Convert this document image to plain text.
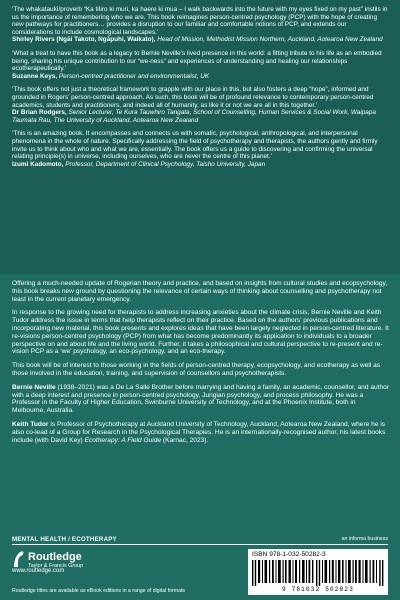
‘The whakataukī/proverb “Ka titiro ki muri, ka haere ki mua – I walk backwards into the future with my eyes fixed on my past” instils in us the importance of remembering who we are. This book reimagines person-centred psychology (PCP) with the hope of creating new pathways for practitioners… provides a disruption to our familiar and comfortable notions of PCP, and extends our considerations to include cosmological landscapes.’
Shirley Rivers (Ngāi Takoto, Ngāpuhi, Waikato), Head of Mission, Methodist Mission Northern, Auckland, Aotearoa New Zealand
‘What a treat to have this book as a legacy to Bernie Neville’s lived presence in this world: a fitting tribute to his life as an embodied being, sharing his unique contribution to our “we-ness” and experiences of understanding and healing our relationships ecotherapeutically.’
Suzanne Keys, Person-centred practitioner and environmentalist, UK
‘This book offers not just a theoretical framework to grapple with our place in this, but also fosters a deep “hope”, informed and grounded in Rogers’ person-centred approach. As such, this book will be of profound relevance to contemporary person-centred academics, students and practitioners, and indeed all of humanity, as like it or not we are all in this together.’
Dr Brian Rodgers, Senior Lecturer, Te Kura Tauwhiro Tangata, School of Counselling, Human Services & Social Work, Waipapa Taumata Rau, The University of Auckland, Aotearoa New Zealand
‘This is an amazing book. It encompasses and connects us with somatic, psychological, anthropological, and interpersonal phenomena in the whole of nature. Specifically addressing the field of psychotherapy and therapists, the authors gently and firmly invite us to think about who and what we are, essentially. The book offers us a guide to discovering and confirming the universal relating principle(s) in universe, including ourselves, who are never the centre of this planet.’
Izumi Kadomoto, Professor, Department of Clinical Psychology, Taisho University, Japan

Offering a much-needed update of Rogerian theory and practice, and based on insights from cultural studies and ecopsychology, this book breaks new ground by questioning the relevance of certain ways of thinking about counselling and psychotherapy not least in the current planetary emergency.

In response to the growing need for therapists to address increasing anxieties about the climate crisis, Bernie Neville and Keith Tudor address the issue in terms that help therapists reflect on their practice. Based on the authors’ previous publications and incorporating new material, this book presents and explores ideas that have been largely neglected in person-centred literature. It re-visions person-centred psychology (PCP) from what has become predominantly its application to individuals to a broader perspective on and about life and the living world. Further, it takes a philosophical and cultural perspective to re-present and re-vision PCP as a ‘we’ psychology, an eco-psychology, and an eco-therapy.

This book will be of interest to those working in the fields of person-centred therapy, ecopsychology, and ecotherapy as well as those involved in the education, training, and supervision of counsellors and psychotherapists.

Bernie Neville (1938–2021) was a De La Salle Brother before marrying and having a family, an academic, counsellor, and author with a deep interest and presence in person-centred psychology, Jungian psychology, and process philosophy. He was a Professor in the Faculty of Higher Education, Swinburne University of Technology, and at the Phoenix Institute, both in Melbourne, Australia.

Keith Tudor is Professor of Psychotherapy at Auckland University of Technology, Auckland, Aotearoa New Zealand, where he is also co-lead of a Group for Research in the Psychological Therapies. He is an internationally-recognised author, his latest books include (with David Key) Ecotherapy: A Field Guide (Karnac, 2023).

MENTAL HEALTH / ECOTHERAPY	an informa business
Routledge
Taylor & Francis Group
www.routledge.com
Routledge titles are available as eBook editions in a range of digital formats
ISBN 978-1-032-50282-3
9 781032 502823
